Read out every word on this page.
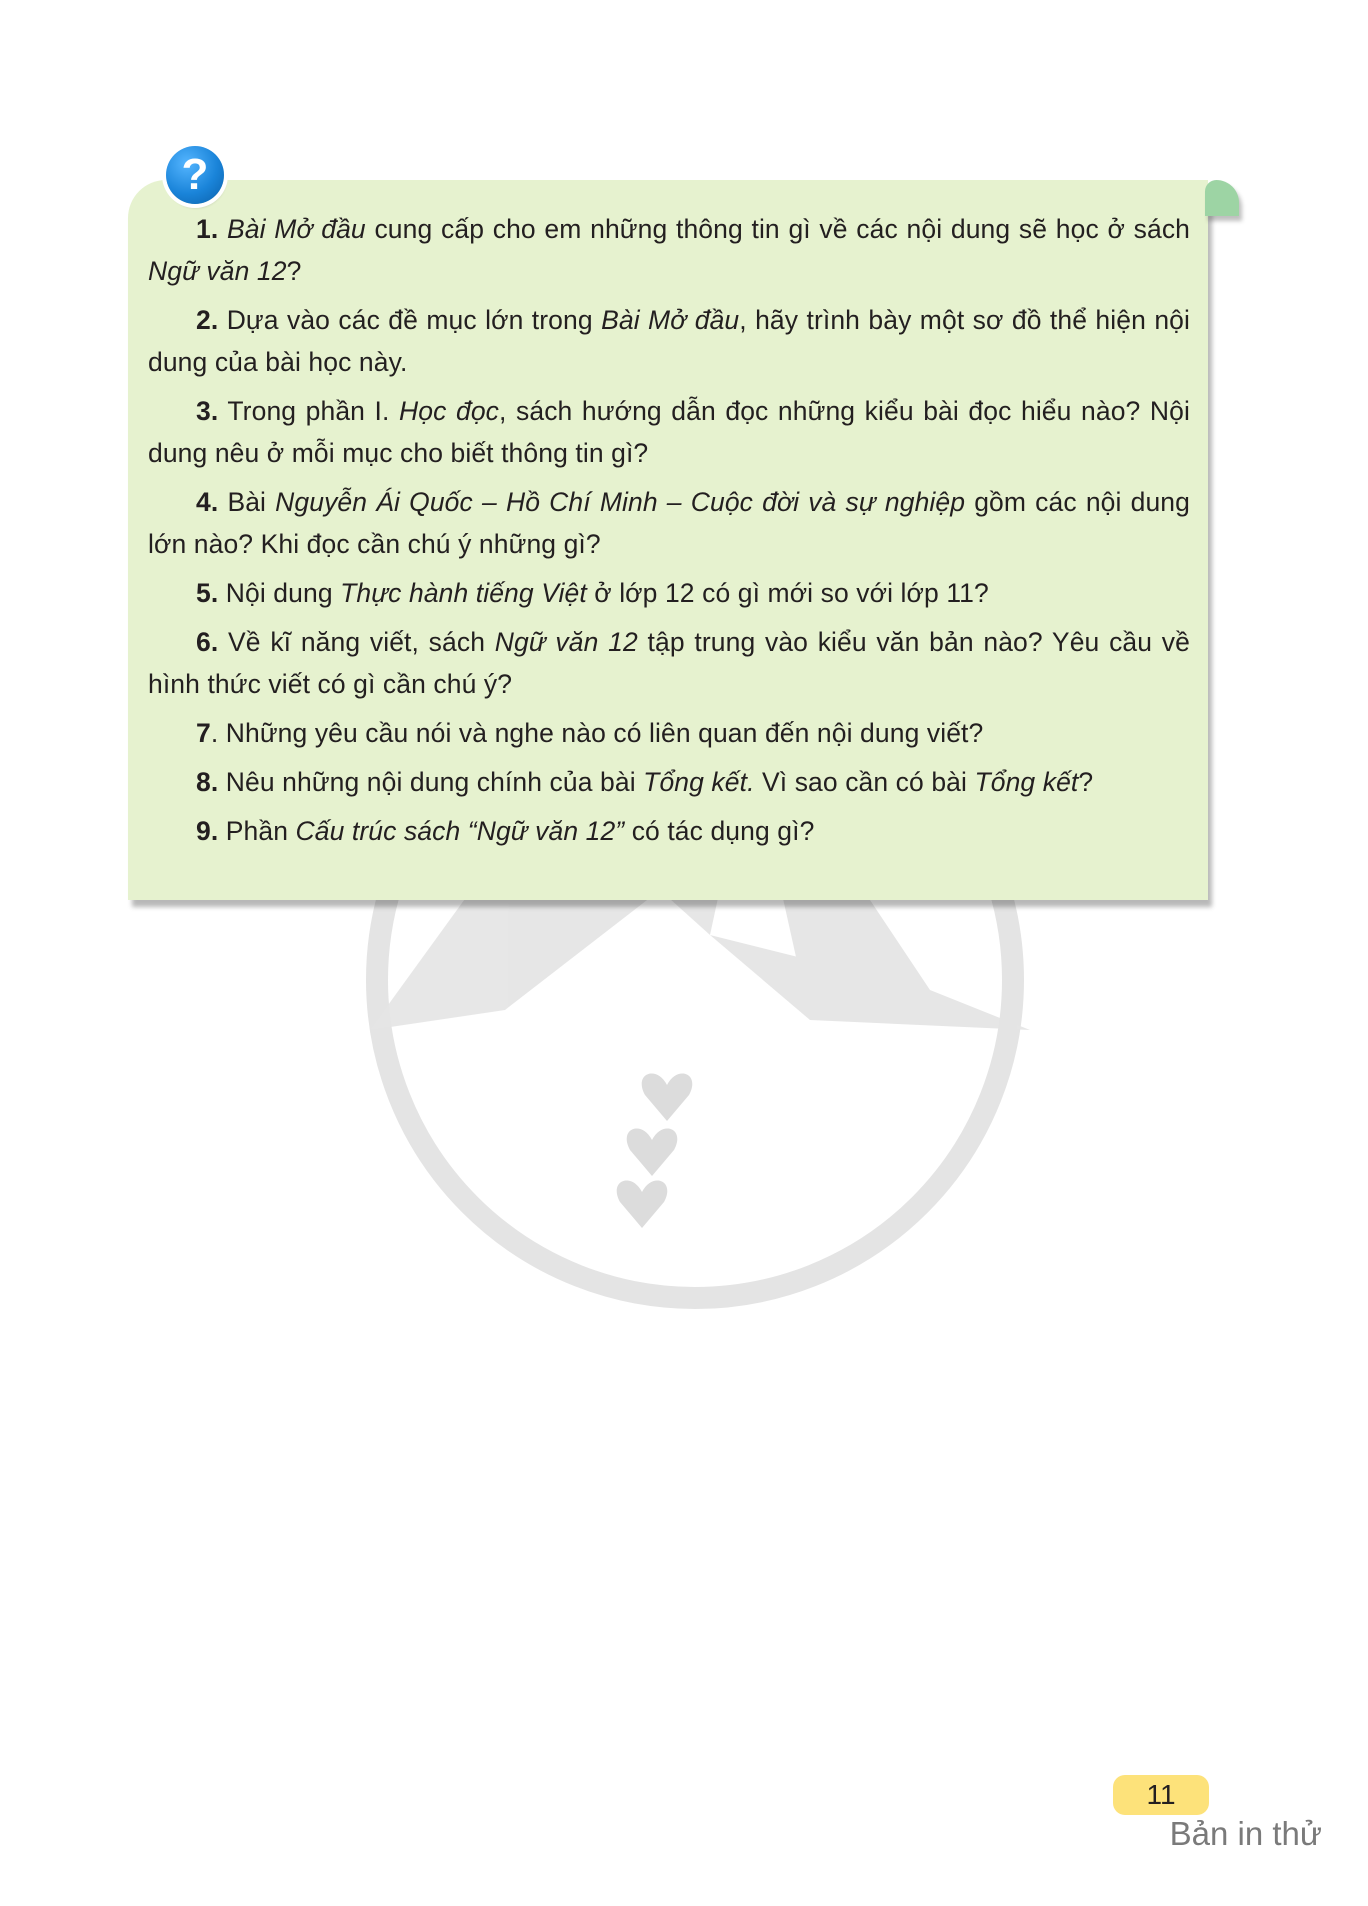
?
1. Bài Mở đầu cung cấp cho em những thông tin gì về các nội dung sẽ học ở sách Ngữ văn 12?
2. Dựa vào các đề mục lớn trong Bài Mở đầu, hãy trình bày một sơ đồ thể hiện nội dung của bài học này.
3. Trong phần I. Học đọc, sách hướng dẫn đọc những kiểu bài đọc hiểu nào? Nội dung nêu ở mỗi mục cho biết thông tin gì?
4. Bài Nguyễn Ái Quốc – Hồ Chí Minh – Cuộc đời và sự nghiệp gồm các nội dung lớn nào? Khi đọc cần chú ý những gì?
5. Nội dung Thực hành tiếng Việt ở lớp 12 có gì mới so với lớp 11?
6. Về kĩ năng viết, sách Ngữ văn 12 tập trung vào kiểu văn bản nào? Yêu cầu về hình thức viết có gì cần chú ý?
7. Những yêu cầu nói và nghe nào có liên quan đến nội dung viết?
8. Nêu những nội dung chính của bài Tổng kết. Vì sao cần có bài Tổng kết?
9. Phần Cấu trúc sách “Ngữ văn 12” có tác dụng gì?
11
Bản in thử
